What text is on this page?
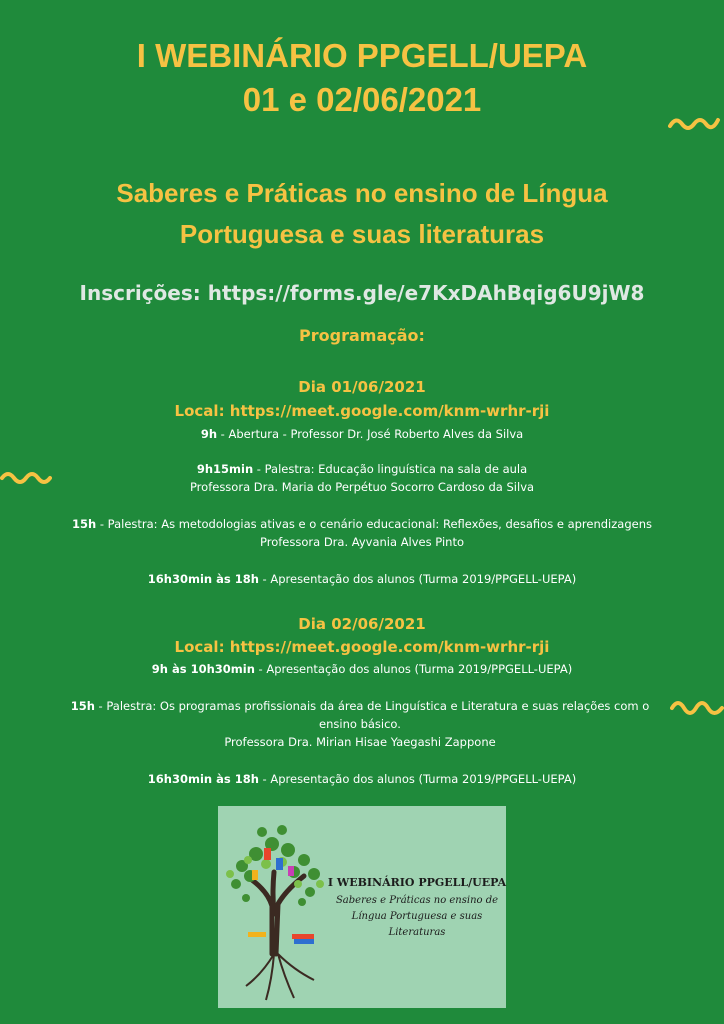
I WEBINÁRIO PPGELL/UEPA
01 e 02/06/2021
Saberes e Práticas no ensino de Língua
Portuguesa e suas literaturas
Inscrições: https://forms.gle/e7KxDAhBqig6U9jW8
Programação:
Dia 01/06/2021
Local: https://meet.google.com/knm-wrhr-rji
9h - Abertura - Professor Dr. José Roberto Alves da Silva
9h15min - Palestra: Educação linguística na sala de aula
Professora Dra. Maria do Perpétuo Socorro Cardoso da Silva
15h - Palestra: As metodologias ativas e o cenário educacional: Reflexões, desafios e aprendizagens
Professora Dra. Ayvania Alves Pinto
16h30min às 18h - Apresentação dos alunos (Turma 2019/PPGELL-UEPA)
Dia 02/06/2021
Local: https://meet.google.com/knm-wrhr-rji
9h às 10h30min - Apresentação dos alunos (Turma 2019/PPGELL-UEPA)
15h - Palestra: Os programas profissionais da área de Linguística e Literatura e suas relações com o
ensino básico.
Professora Dra. Mirian Hisae Yaegashi Zappone
16h30min às 18h - Apresentação dos alunos (Turma 2019/PPGELL-UEPA)
I WEBINÁRIO PPGELL/UEPA
Saberes e Práticas no ensino de
Língua Portuguesa e suas
Literaturas
